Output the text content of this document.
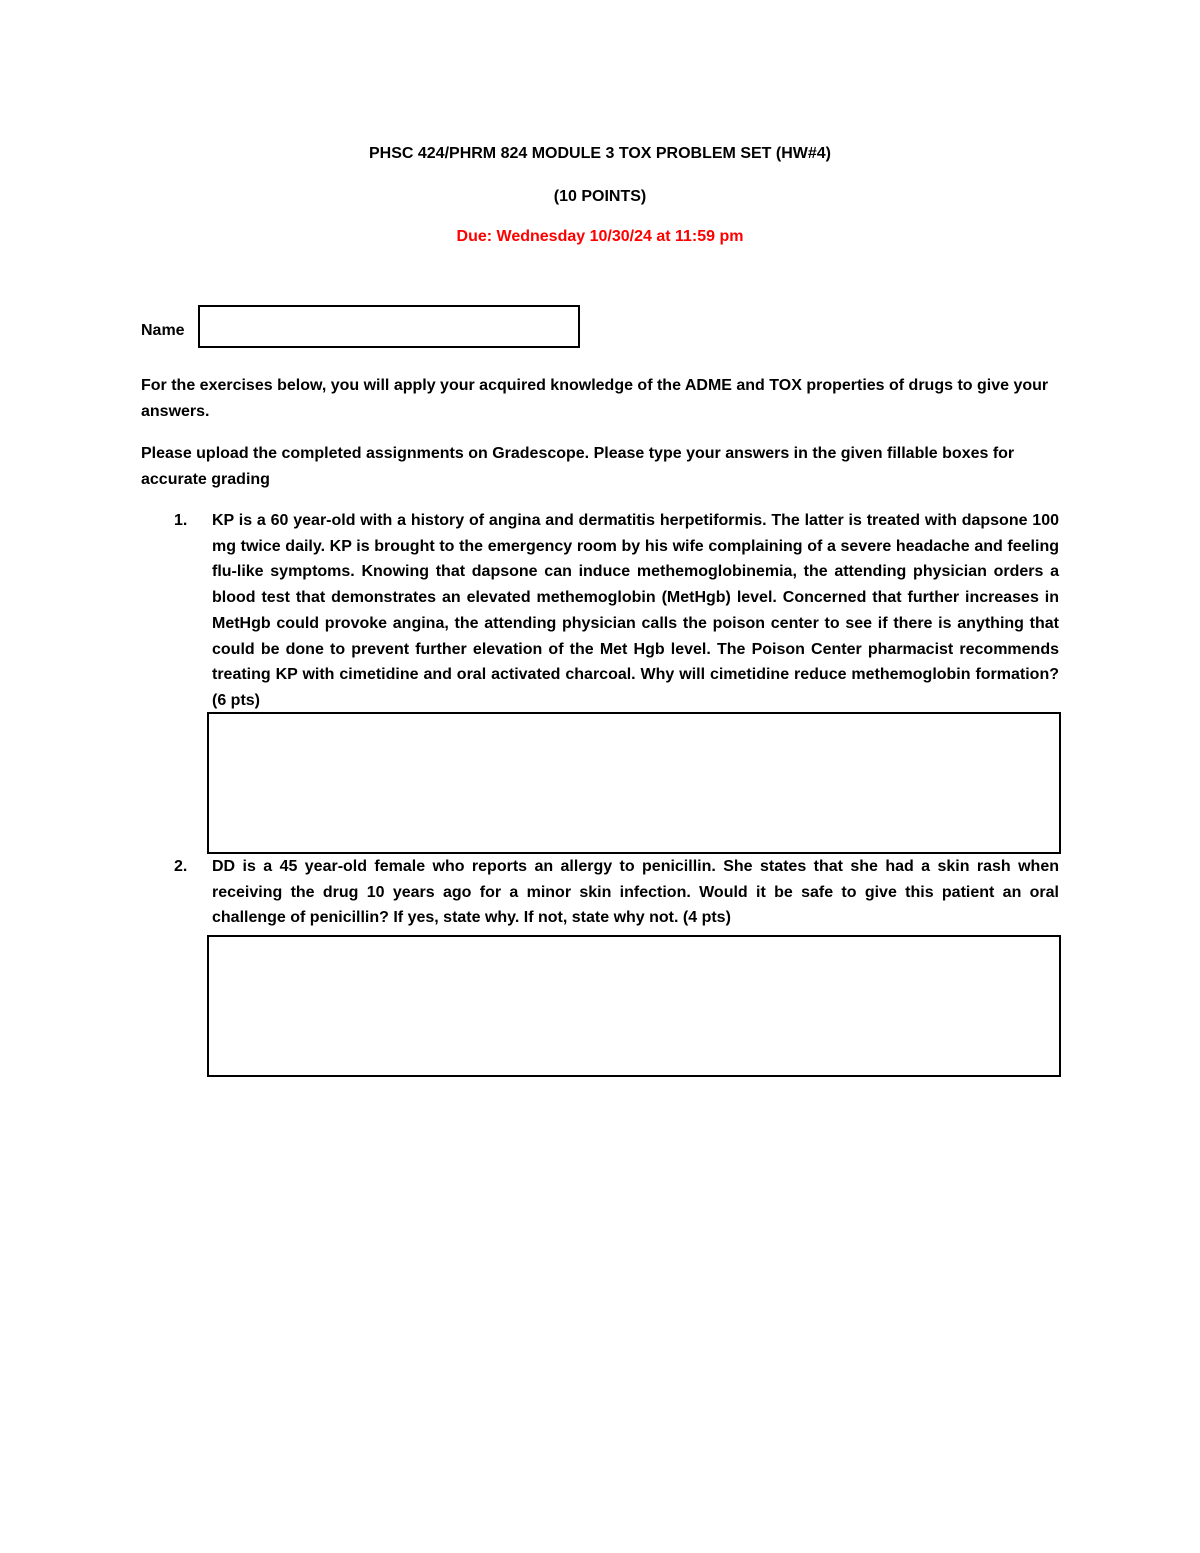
PHSC 424/PHRM 824 MODULE 3 TOX PROBLEM SET (HW#4)
(10 POINTS)
Due: Wednesday 10/30/24 at 11:59 pm
Name
For the exercises below, you will apply your acquired knowledge of the ADME and TOX properties of drugs to give your answers.
Please upload the completed assignments on Gradescope. Please type your answers in the given fillable boxes for accurate grading
1. KP is a 60 year-old with a history of angina and dermatitis herpetiformis. The latter is treated with dapsone 100 mg twice daily. KP is brought to the emergency room by his wife complaining of a severe headache and feeling flu-like symptoms. Knowing that dapsone can induce methemoglobinemia, the attending physician orders a blood test that demonstrates an elevated methemoglobin (MetHgb) level. Concerned that further increases in MetHgb could provoke angina, the attending physician calls the poison center to see if there is anything that could be done to prevent further elevation of the Met Hgb level. The Poison Center pharmacist recommends treating KP with cimetidine and oral activated charcoal. Why will cimetidine reduce methemoglobin formation? (6 pts)
2. DD is a 45 year-old female who reports an allergy to penicillin. She states that she had a skin rash when receiving the drug 10 years ago for a minor skin infection. Would it be safe to give this patient an oral challenge of penicillin? If yes, state why. If not, state why not. (4 pts)
